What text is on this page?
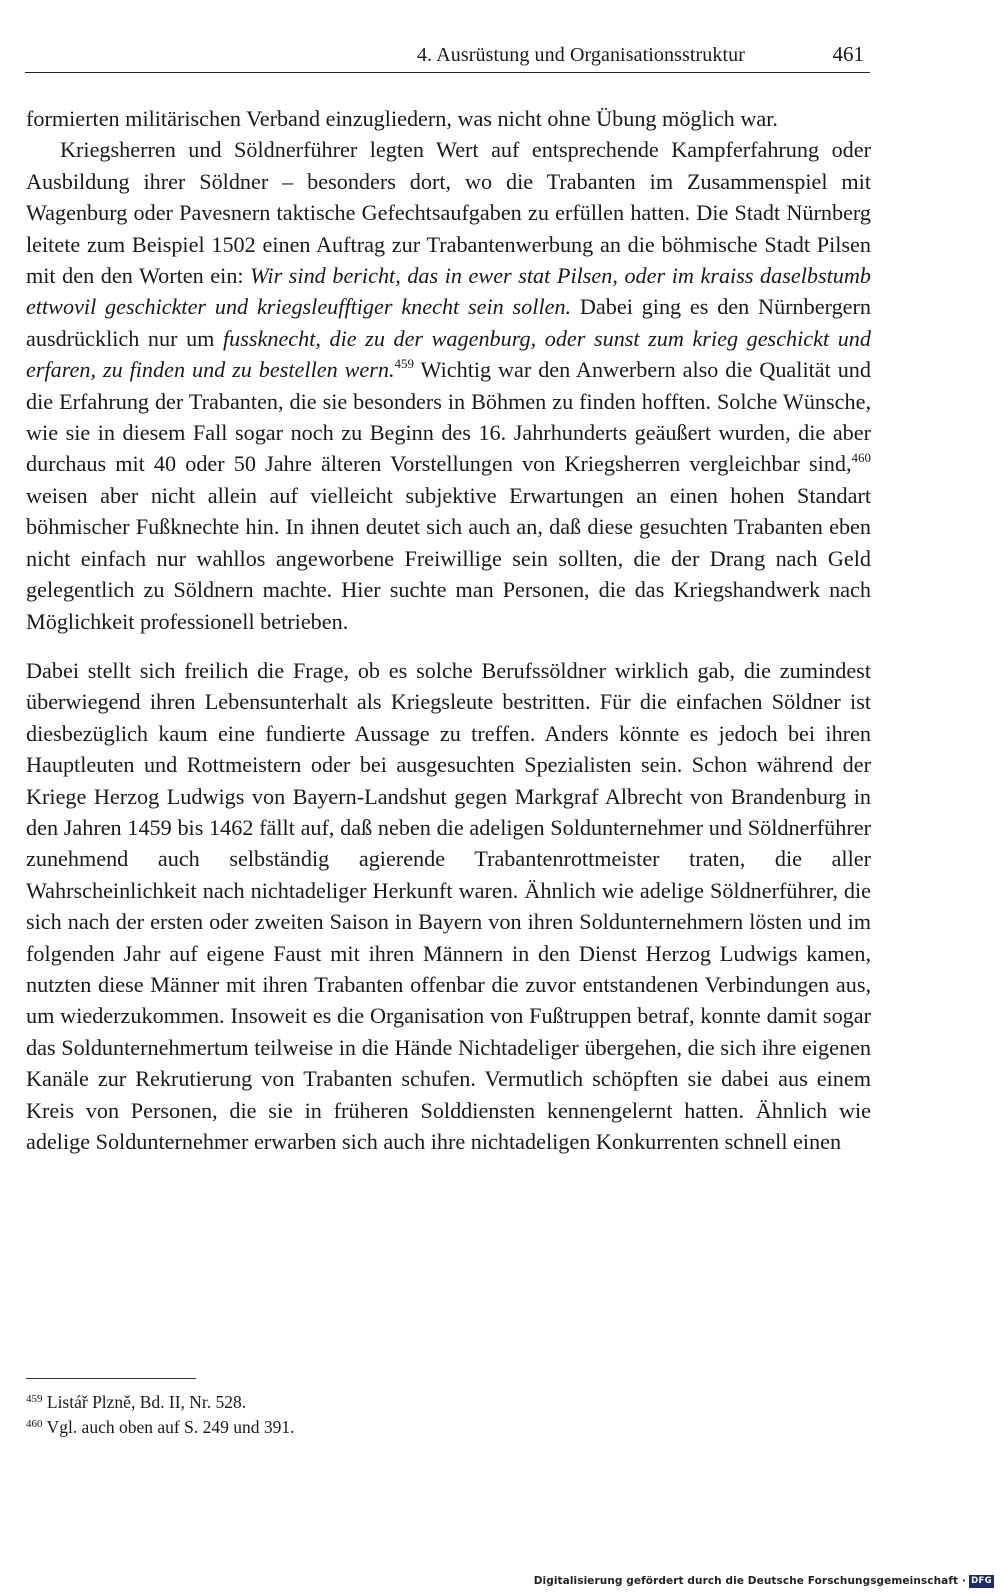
4. Ausrüstung und Organisationsstruktur	461

formierten militärischen Verband einzugliedern, was nicht ohne Übung möglich war.

Kriegsherren und Söldnerführer legten Wert auf entsprechende Kampferfahrung oder Ausbildung ihrer Söldner – besonders dort, wo die Trabanten im Zusammenspiel mit Wagenburg oder Pavesnern taktische Gefechtsaufgaben zu erfüllen hatten. Die Stadt Nürnberg leitete zum Beispiel 1502 einen Auftrag zur Trabantenwerbung an die böhmische Stadt Pilsen mit den den Worten ein: Wir sind bericht, das in ewer stat Pilsen, oder im kraiss daselbstumb ettwovil geschickter und kriegsleufftiger knecht sein sollen. Dabei ging es den Nürnbergern ausdrücklich nur um fussknecht, die zu der wagenburg, oder sunst zum krieg geschickt und erfaren, zu finden und zu bestellen wern.$^{459}$ Wichtig war den Anwerbern also die Qualität und die Erfahrung der Trabanten, die sie besonders in Böhmen zu finden hofften. Solche Wünsche, wie sie in diesem Fall sogar noch zu Beginn des 16. Jahrhunderts geäußert wurden, die aber durchaus mit 40 oder 50 Jahre älteren Vorstellungen von Kriegsherren vergleichbar sind,$^{460}$ weisen aber nicht allein auf vielleicht subjektive Erwartungen an einen hohen Standart böhmischer Fußknechte hin. In ihnen deutet sich auch an, daß diese gesuchten Trabanten eben nicht einfach nur wahllos angeworbene Freiwillige sein sollten, die der Drang nach Geld gelegentlich zu Söldnern machte. Hier suchte man Personen, die das Kriegshandwerk nach Möglichkeit professionell betrieben.

Dabei stellt sich freilich die Frage, ob es solche Berufssöldner wirklich gab, die zumindest überwiegend ihren Lebensunterhalt als Kriegsleute bestritten. Für die einfachen Söldner ist diesbezüglich kaum eine fundierte Aussage zu treffen. Anders könnte es jedoch bei ihren Hauptleuten und Rottmeistern oder bei ausgesuchten Spezialisten sein. Schon während der Kriege Herzog Ludwigs von Bayern-Landshut gegen Markgraf Albrecht von Brandenburg in den Jahren 1459 bis 1462 fällt auf, daß neben die adeligen Soldunternehmer und Söldnerführer zunehmend auch selbständig agierende Trabantenrottmeister traten, die aller Wahrscheinlichkeit nach nichtadeliger Herkunft waren. Ähnlich wie adelige Söldnerführer, die sich nach der ersten oder zweiten Saison in Bayern von ihren Soldunternehmern lösten und im folgenden Jahr auf eigene Faust mit ihren Männern in den Dienst Herzog Ludwigs kamen, nutzten diese Männer mit ihren Trabanten offenbar die zuvor entstandenen Verbindungen aus, um wiederzukommen. Insoweit es die Organisation von Fußtruppen betraf, konnte damit sogar das Soldunternehmertum teilweise in die Hände Nichtadeliger übergehen, die sich ihre eigenen Kanäle zur Rekrutierung von Trabanten schufen. Vermutlich schöpften sie dabei aus einem Kreis von Personen, die sie in früheren Solddiensten kennengelernt hatten. Ähnlich wie adelige Soldunternehmer erwarben sich auch ihre nichtadeligen Konkurrenten schnell einen

$^{459}$ Listář Plzně, Bd. II, Nr. 528.
$^{460}$ Vgl. auch oben auf S. 249 und 391.
Digitalisierung gefördert durch die Deutsche Forschungsgemeinschaft · DFG
